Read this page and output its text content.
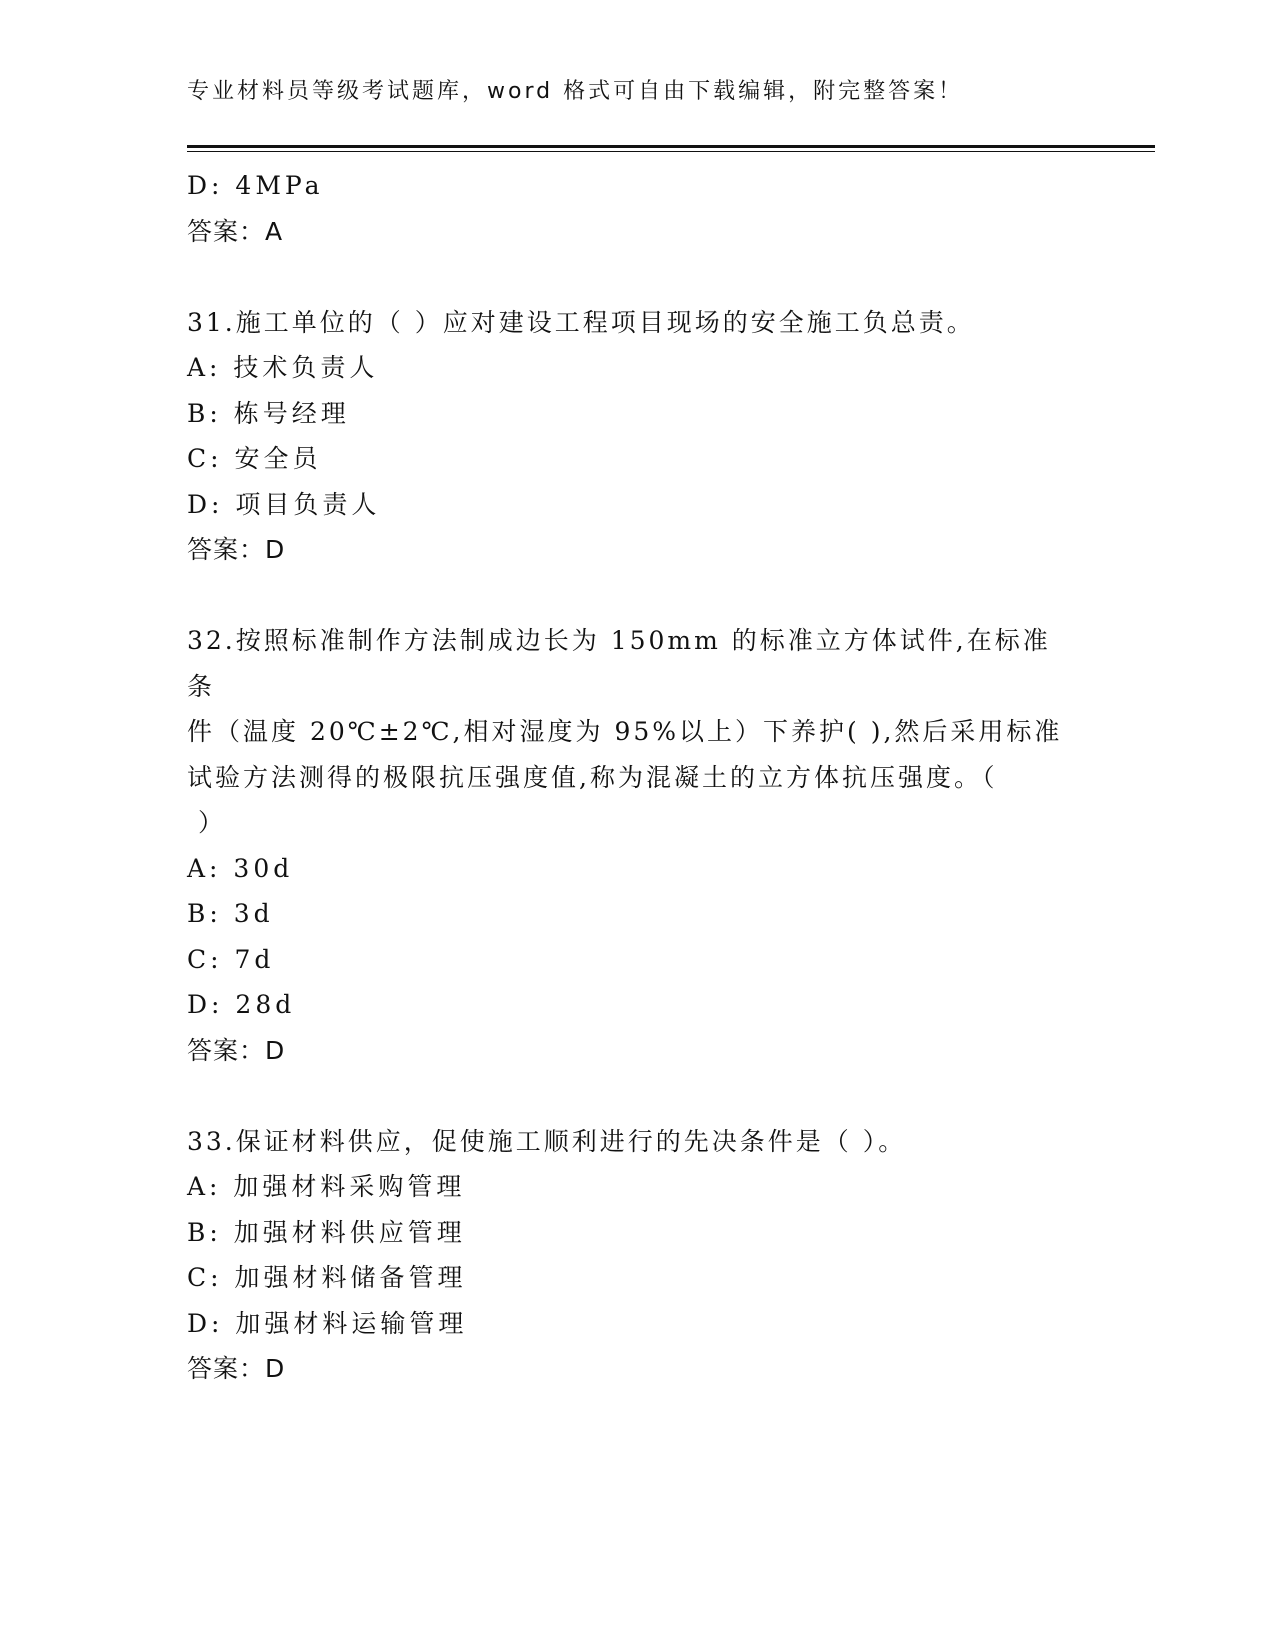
专业材料员等级考试题库，word 格式可自由下载编辑，附完整答案！
D: 4MPa
答案：A
31.施工单位的（ ）应对建设工程项目现场的安全施工负总责。
A: 技术负责人
B: 栋号经理
C: 安全员
D: 项目负责人
答案：D
32.按照标准制作方法制成边长为 150mm 的标准立方体试件,在标准条
件（温度 20℃±2℃,相对湿度为 95%以上）下养护( ),然后采用标准
试验方法测得的极限抗压强度值,称为混凝土的立方体抗压强度。（
）
A: 30d
B: 3d
C: 7d
D: 28d
答案：D
33.保证材料供应，促使施工顺利进行的先决条件是（ ）。
A: 加强材料采购管理
B: 加强材料供应管理
C: 加强材料储备管理
D: 加强材料运输管理
答案：D
